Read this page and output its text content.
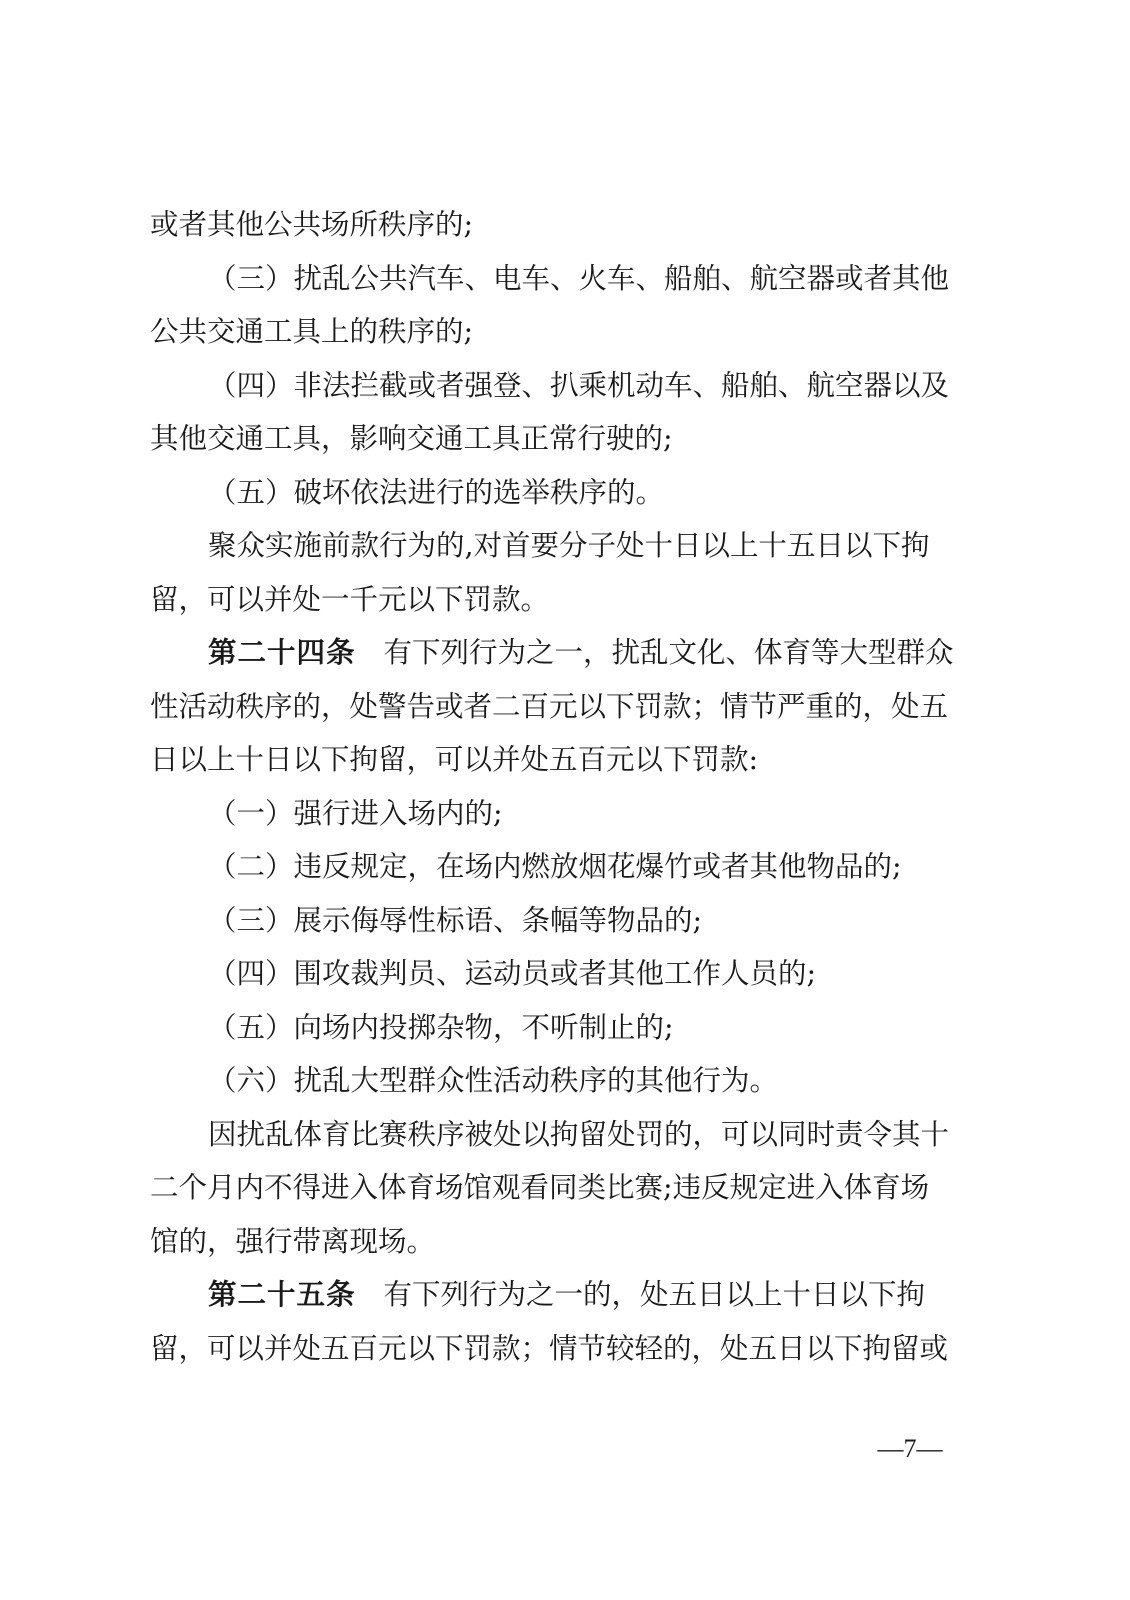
或者其他公共场所秩序的;
（三）扰乱公共汽车、电车、火车、船舶、航空器或者其他
公共交通工具上的秩序的;
（四）非法拦截或者强登、扒乘机动车、船舶、航空器以及
其他交通工具，影响交通工具正常行驶的;
（五）破坏依法进行的选举秩序的。
聚众实施前款行为的,对首要分子处十日以上十五日以下拘
留，可以并处一千元以下罚款。
第二十四条 有下列行为之一，扰乱文化、体育等大型群众
性活动秩序的，处警告或者二百元以下罚款；情节严重的，处五
日以上十日以下拘留，可以并处五百元以下罚款:
（一）强行进入场内的;
（二）违反规定，在场内燃放烟花爆竹或者其他物品的;
（三）展示侮辱性标语、条幅等物品的;
（四）围攻裁判员、运动员或者其他工作人员的;
（五）向场内投掷杂物，不听制止的;
（六）扰乱大型群众性活动秩序的其他行为。
因扰乱体育比赛秩序被处以拘留处罚的，可以同时责令其十
二个月内不得进入体育场馆观看同类比赛;违反规定进入体育场
馆的，强行带离现场。
第二十五条 有下列行为之一的，处五日以上十日以下拘
留，可以并处五百元以下罚款；情节较轻的，处五日以下拘留或
—7—
